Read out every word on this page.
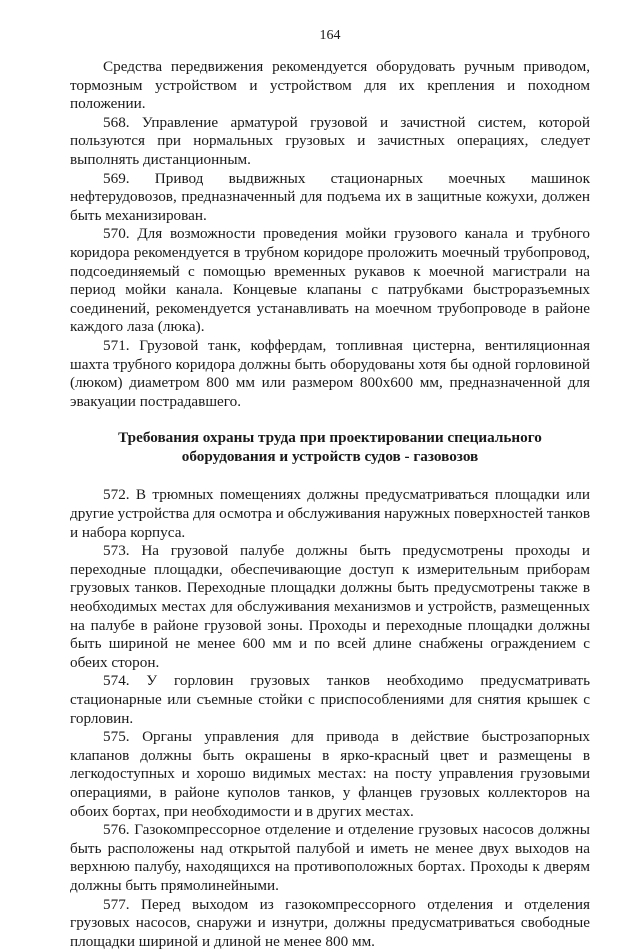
164

Средства передвижения рекомендуется оборудовать ручным приводом, тормозным устройством и устройством для их крепления и походном положении.

568. Управление арматурой грузовой и зачистной систем, которой пользуются при нормальных грузовых и зачистных операциях, следует выполнять дистанционным.

569. Привод выдвижных стационарных моечных машинок нефтерудовозов, предназначенный для подъема их в защитные кожухи, должен быть механизирован.

570. Для возможности проведения мойки грузового канала и трубного коридора рекомендуется в трубном коридоре проложить моечный трубопровод, подсоединяемый с помощью временных рукавов к моечной магистрали на период мойки канала. Концевые клапаны с патрубками быстроразъемных соединений, рекомендуется устанавливать на моечном трубопроводе в районе каждого лаза (люка).

571. Грузовой танк, коффердам, топливная цистерна, вентиляционная шахта трубного коридора должны быть оборудованы хотя бы одной горловиной (люком) диаметром 800 мм или размером 800х600 мм, предназначенной для эвакуации пострадавшего.

Требования охраны труда при проектировании специального
оборудования и устройств судов - газовозов

572. В трюмных помещениях должны предусматриваться площадки или другие устройства для осмотра и обслуживания наружных поверхностей танков и набора корпуса.

573. На грузовой палубе должны быть предусмотрены проходы и переходные площадки, обеспечивающие доступ к измерительным приборам грузовых танков. Переходные площадки должны быть предусмотрены также в необходимых местах для обслуживания механизмов и устройств, размещенных на палубе в районе грузовой зоны. Проходы и переходные площадки должны быть шириной не менее 600 мм и по всей длине снабжены ограждением с обеих сторон.

574. У горловин грузовых танков необходимо предусматривать стационарные или съемные стойки с приспособлениями для снятия крышек с горловин.

575. Органы управления для привода в действие быстрозапорных клапанов должны быть окрашены в ярко-красный цвет и размещены в легкодоступных и хорошо видимых местах: на посту управления грузовыми операциями, в районе куполов танков, у фланцев грузовых коллекторов на обоих бортах, при необходимости и в других местах.

576. Газокомпрессорное отделение и отделение грузовых насосов должны быть расположены над открытой палубой и иметь не менее двух выходов на верхнюю палубу, находящихся на противоположных бортах. Проходы к дверям должны быть прямолинейными.

577. Перед выходом из газокомпрессорного отделения и отделения грузовых насосов, снаружи и изнутри, должны предусматриваться свободные площадки шириной и длиной не менее 800 мм.
